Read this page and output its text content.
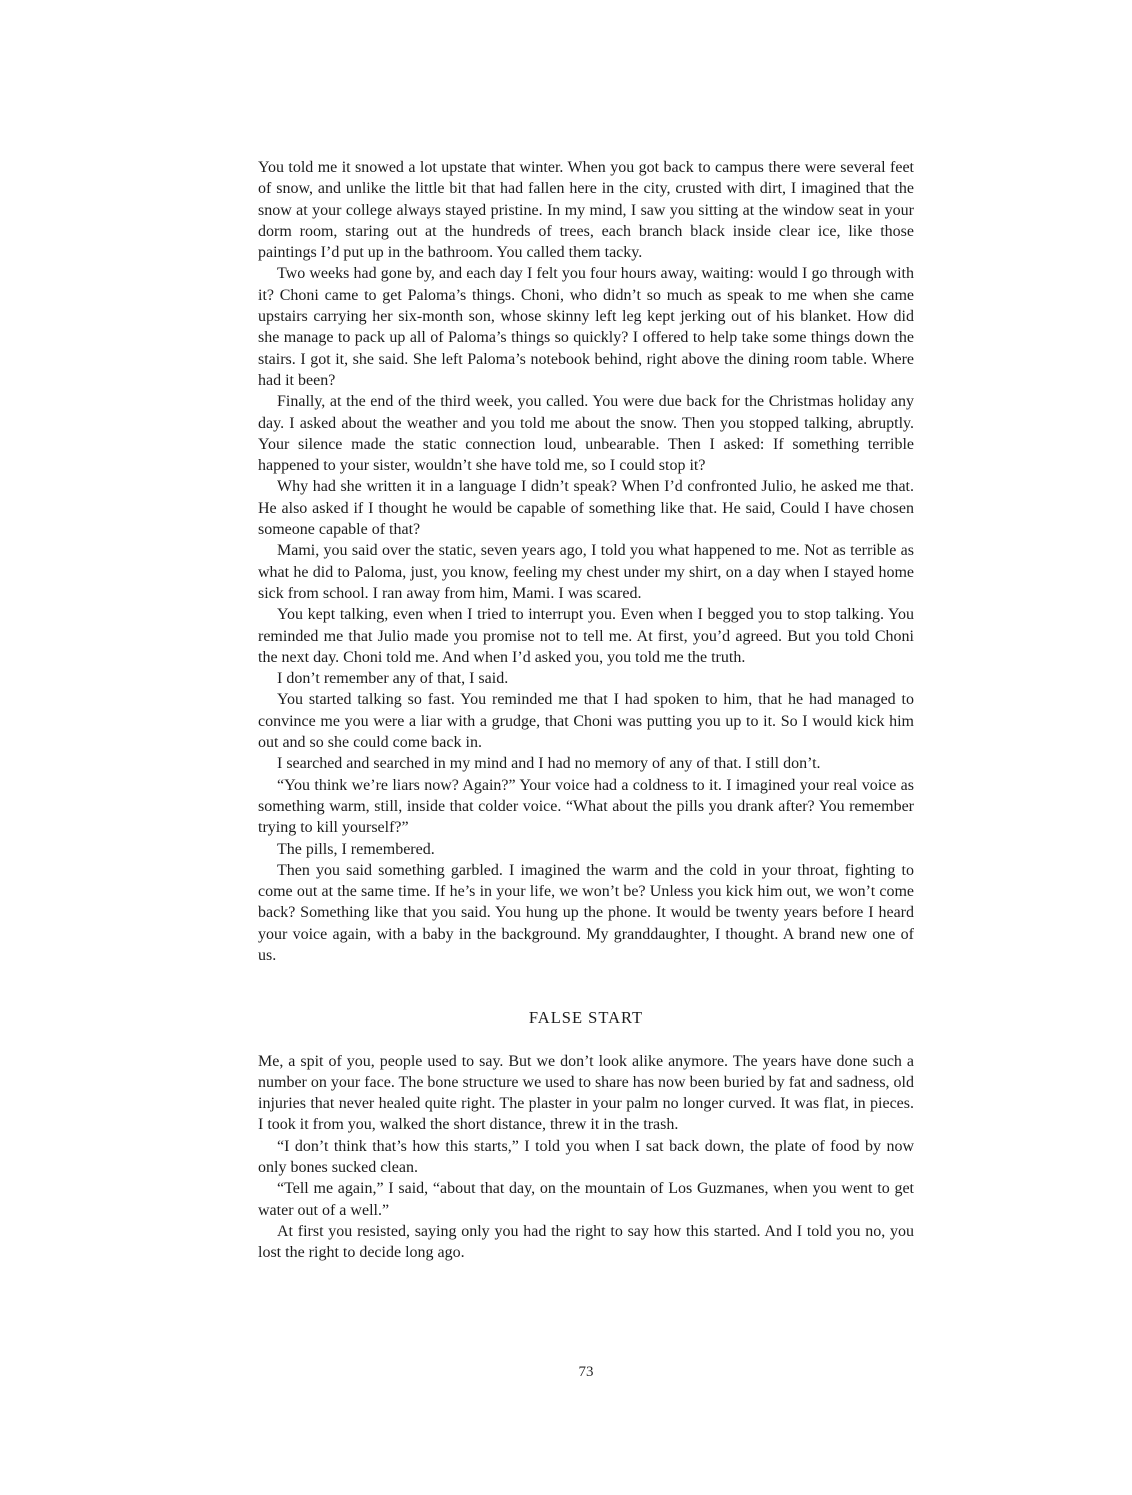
You told me it snowed a lot upstate that winter. When you got back to campus there were several feet of snow, and unlike the little bit that had fallen here in the city, crusted with dirt, I imagined that the snow at your college always stayed pristine. In my mind, I saw you sitting at the window seat in your dorm room, staring out at the hundreds of trees, each branch black inside clear ice, like those paintings I’d put up in the bathroom. You called them tacky.

Two weeks had gone by, and each day I felt you four hours away, waiting: would I go through with it? Choni came to get Paloma’s things. Choni, who didn’t so much as speak to me when she came upstairs carrying her six-month son, whose skinny left leg kept jerking out of his blanket. How did she manage to pack up all of Paloma’s things so quickly? I offered to help take some things down the stairs. I got it, she said. She left Paloma’s notebook behind, right above the dining room table. Where had it been?

Finally, at the end of the third week, you called. You were due back for the Christmas holiday any day. I asked about the weather and you told me about the snow. Then you stopped talking, abruptly. Your silence made the static connection loud, unbearable. Then I asked: If something terrible happened to your sister, wouldn’t she have told me, so I could stop it?

Why had she written it in a language I didn’t speak? When I’d confronted Julio, he asked me that. He also asked if I thought he would be capable of something like that. He said, Could I have chosen someone capable of that?

Mami, you said over the static, seven years ago, I told you what happened to me. Not as terrible as what he did to Paloma, just, you know, feeling my chest under my shirt, on a day when I stayed home sick from school. I ran away from him, Mami. I was scared.

You kept talking, even when I tried to interrupt you. Even when I begged you to stop talking. You reminded me that Julio made you promise not to tell me. At first, you’d agreed. But you told Choni the next day. Choni told me. And when I’d asked you, you told me the truth.

I don’t remember any of that, I said.

You started talking so fast. You reminded me that I had spoken to him, that he had managed to convince me you were a liar with a grudge, that Choni was putting you up to it. So I would kick him out and so she could come back in.

I searched and searched in my mind and I had no memory of any of that. I still don’t.

“You think we’re liars now? Again?” Your voice had a coldness to it. I imagined your real voice as something warm, still, inside that colder voice. “What about the pills you drank after? You remember trying to kill yourself?”

The pills, I remembered.

Then you said something garbled. I imagined the warm and the cold in your throat, fighting to come out at the same time. If he’s in your life, we won’t be? Unless you kick him out, we won’t come back? Something like that you said. You hung up the phone. It would be twenty years before I heard your voice again, with a baby in the background. My granddaughter, I thought. A brand new one of us.

FALSE START

Me, a spit of you, people used to say. But we don’t look alike anymore. The years have done such a number on your face. The bone structure we used to share has now been buried by fat and sadness, old injuries that never healed quite right. The plaster in your palm no longer curved. It was flat, in pieces. I took it from you, walked the short distance, threw it in the trash.

“I don’t think that’s how this starts,” I told you when I sat back down, the plate of food by now only bones sucked clean.

“Tell me again,” I said, “about that day, on the mountain of Los Guzmanes, when you went to get water out of a well.”

At first you resisted, saying only you had the right to say how this started. And I told you no, you lost the right to decide long ago.

73
